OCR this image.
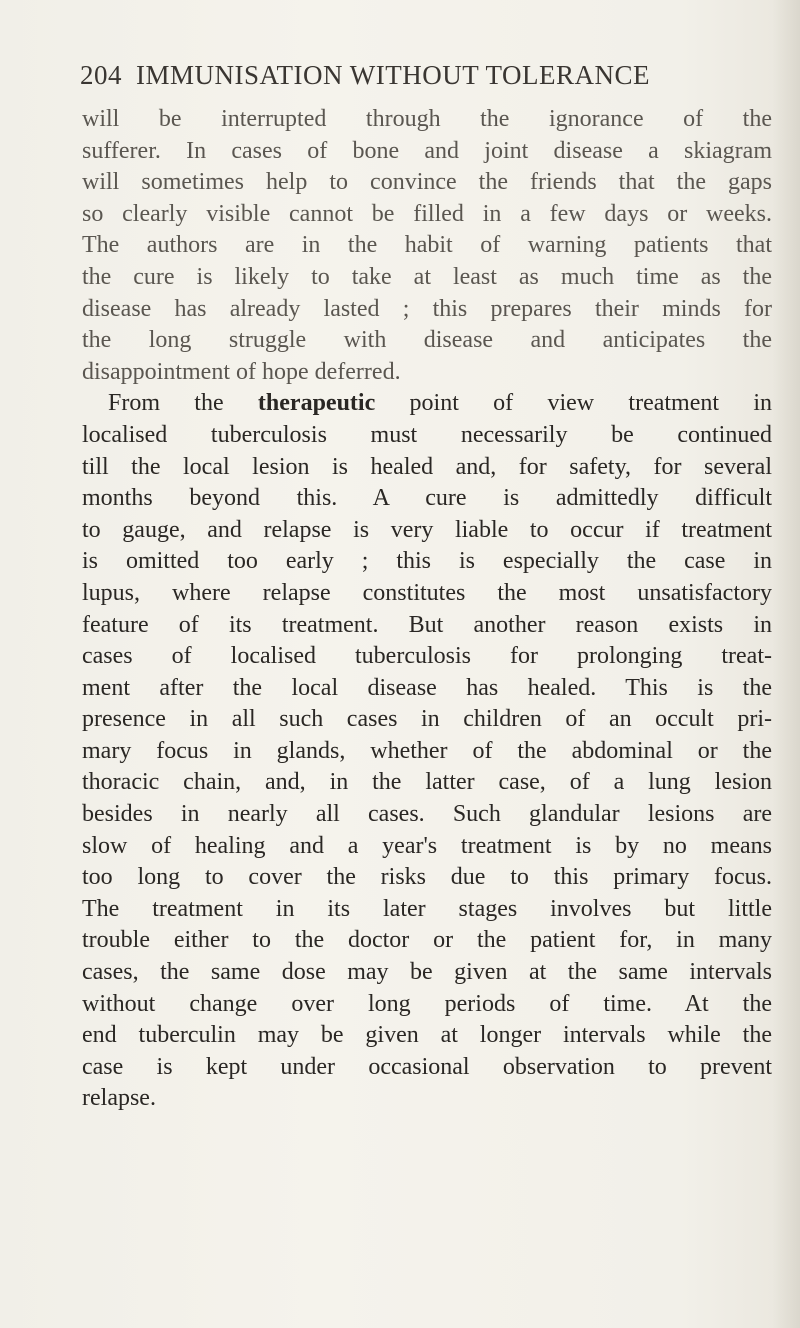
204 IMMUNISATION WITHOUT TOLERANCE
will be interrupted through the ignorance of the
sufferer. In cases of bone and joint disease a skiagram
will sometimes help to convince the friends that the gaps
so clearly visible cannot be filled in a few days or weeks.
The authors are in the habit of warning patients that
the cure is likely to take at least as much time as the
disease has already lasted ; this prepares their minds for
the long struggle with disease and anticipates the
disappointment of hope deferred.
From the therapeutic point of view treatment in
localised tuberculosis must necessarily be continued
till the local lesion is healed and, for safety, for several
months beyond this. A cure is admittedly difficult
to gauge, and relapse is very liable to occur if treatment
is omitted too early ; this is especially the case in
lupus, where relapse constitutes the most unsatisfactory
feature of its treatment. But another reason exists in
cases of localised tuberculosis for prolonging treat-
ment after the local disease has healed. This is the
presence in all such cases in children of an occult pri-
mary focus in glands, whether of the abdominal or the
thoracic chain, and, in the latter case, of a lung lesion
besides in nearly all cases. Such glandular lesions are
slow of healing and a year's treatment is by no means
too long to cover the risks due to this primary focus.
The treatment in its later stages involves but little
trouble either to the doctor or the patient for, in many
cases, the same dose may be given at the same intervals
without change over long periods of time. At the
end tuberculin may be given at longer intervals while the
case is kept under occasional observation to prevent
relapse.
